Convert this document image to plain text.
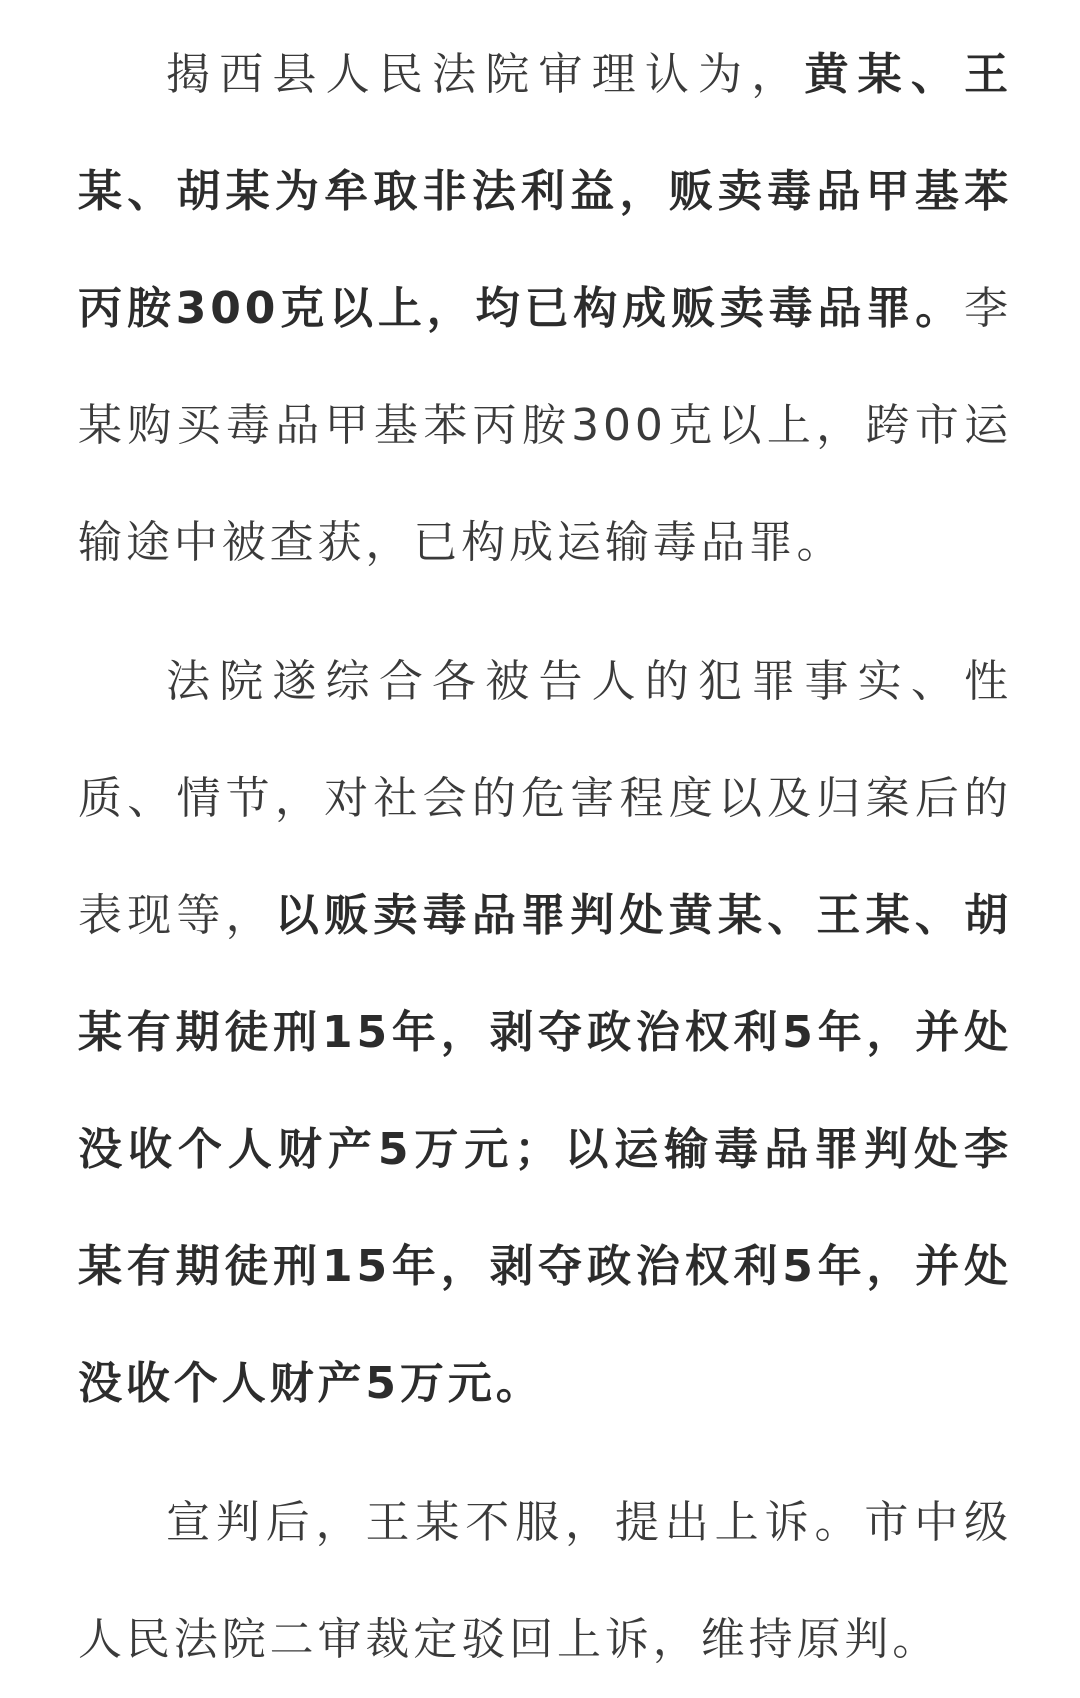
揭西县人民法院审理认为，黄某、王某、胡某为牟取非法利益，贩卖毒品甲基苯丙胺300克以上，均已构成贩卖毒品罪。李某购买毒品甲基苯丙胺300克以上，跨市运输途中被查获，已构成运输毒品罪。

法院遂综合各被告人的犯罪事实、性质、情节，对社会的危害程度以及归案后的表现等，以贩卖毒品罪判处黄某、王某、胡某有期徒刑15年，剥夺政治权利5年，并处没收个人财产5万元；以运输毒品罪判处李某有期徒刑15年，剥夺政治权利5年，并处没收个人财产5万元。

宣判后，王某不服，提出上诉。市中级人民法院二审裁定驳回上诉，维持原判。
